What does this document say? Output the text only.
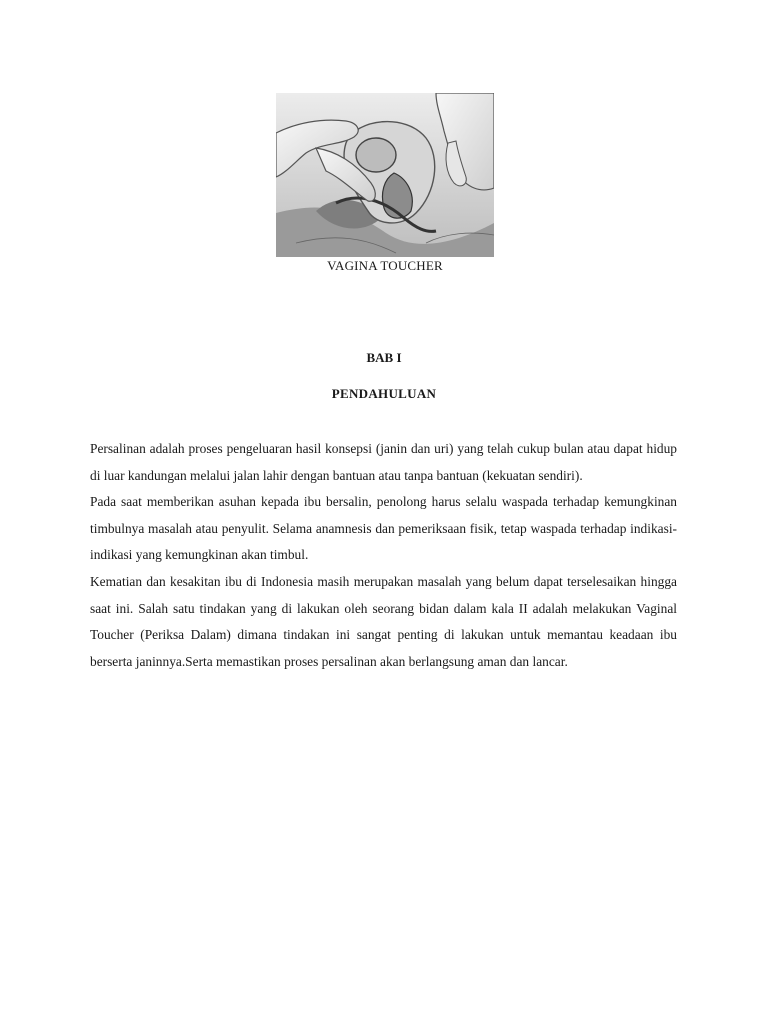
VAGINA TOUCHER
BAB I
PENDAHULUAN

Persalinan adalah proses pengeluaran hasil konsepsi (janin dan uri) yang telah cukup bulan atau dapat hidup di luar kandungan melalui jalan lahir dengan bantuan atau tanpa bantuan (kekuatan sendiri).

Pada saat memberikan asuhan kepada ibu bersalin, penolong harus selalu waspada terhadap kemungkinan timbulnya masalah atau penyulit. Selama anamnesis dan pemeriksaan fisik, tetap waspada terhadap indikasi-indikasi yang kemungkinan akan timbul.

Kematian dan kesakitan ibu di Indonesia masih merupakan masalah yang belum dapat terselesaikan hingga saat ini. Salah satu tindakan yang di lakukan oleh seorang bidan dalam kala II adalah melakukan Vaginal Toucher (Periksa Dalam) dimana tindakan ini sangat penting di lakukan untuk memantau keadaan ibu berserta janinnya.Serta memastikan proses persalinan akan berlangsung aman dan lancar.
